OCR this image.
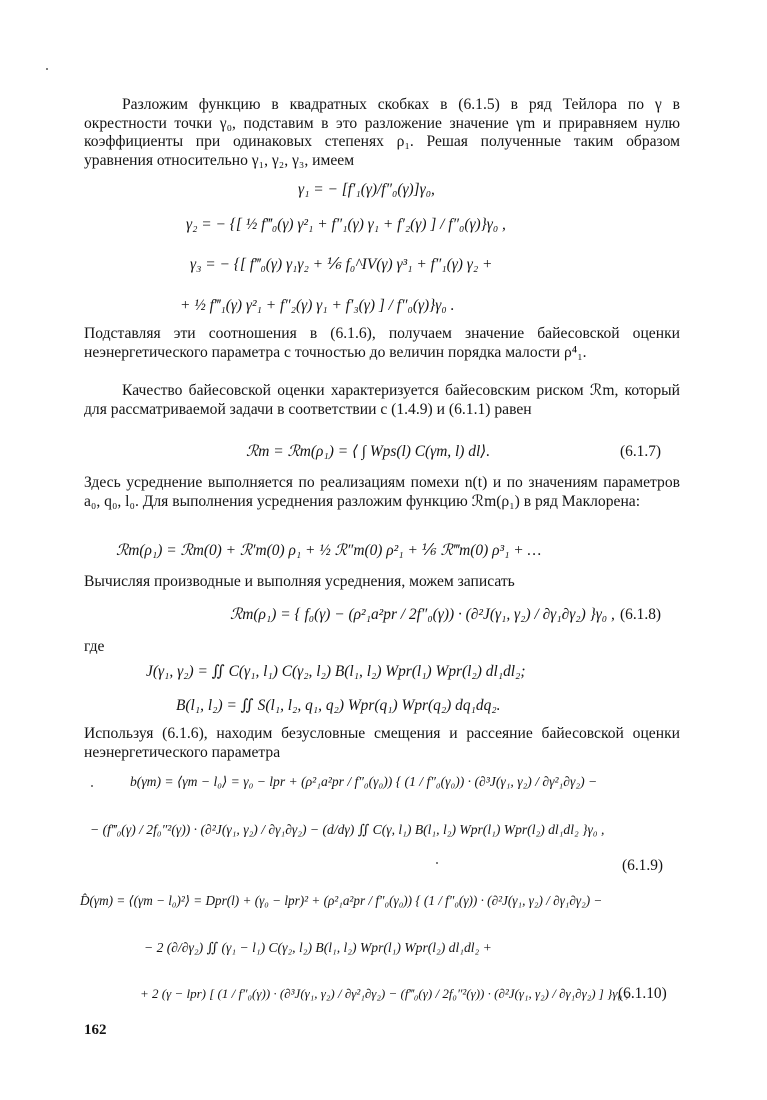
Разложим функцию в квадратных скобках в (6.1.5) в ряд Тейлора по γ в окрестности точки γ₀, подставим в это разложение значение γm и приравняем нулю коэффициенты при одинаковых степенях ρ₁. Решая полученные таким образом уравнения относительно γ₁, γ₂, γ₃, имеем

γ₁ = − [f′₁(γ)/f″₀(γ)]γ₀,
γ₂ = − {[ ½ f‴₀(γ) γ²₁ + f″₁(γ) γ₁ + f′₂(γ) ] / f″₀(γ)}γ₀ ,
γ₃ = − {[ f‴₀(γ) γ₁γ₂ + ⅙ f₀^IV(γ) γ³₁ + f″₁(γ) γ₂ +
+ ½ f‴₁(γ) γ²₁ + f″₂(γ) γ₁ + f′₃(γ) ] / f″₀(γ)}γ₀ .

Подставляя эти соотношения в (6.1.6), получаем значение байесовской оценки неэнергетического параметра с точностью до величин порядка малости ρ⁴₁.

Качество байесовской оценки характеризуется байесовским риском ℛm, который для рассматриваемой задачи в соответствии с (1.4.9) и (6.1.1) равен

ℛm = ℛm(ρ₁) = ⟨ ∫ Wps(l) C(γm, l) dl⟩.	(6.1.7)

Здесь усреднение выполняется по реализациям помехи n(t) и по значениям параметров a₀, q₀, l₀. Для выполнения усреднения разложим функцию ℛm(ρ₁) в ряд Маклорена:

ℛm(ρ₁) = ℛm(0) + ℛ′m(0) ρ₁ + ½ ℛ″m(0) ρ²₁ + ⅙ ℛ‴m(0) ρ³₁ + …

Вычисляя производные и выполняя усреднения, можем записать

ℛm(ρ₁) = { f₀(γ) − (ρ²₁a²pr / 2f″₀(γ)) · (∂²J(γ₁, γ₂) / ∂γ₁∂γ₂) }γ₀ , (6.1.8)

где

J(γ₁, γ₂) = ∬ C(γ₁, l₁) C(γ₂, l₂) B(l₁, l₂) Wpr(l₁) Wpr(l₂) dl₁dl₂;
B(l₁, l₂) = ∬ S(l₁, l₂, q₁, q₂) Wpr(q₁) Wpr(q₂) dq₁dq₂.

Используя (6.1.6), находим безусловные смещения и рассеяние байесовской оценки неэнергетического параметра

b(γm) = ⟨γm − l₀⟩ = γ₀ − lpr + (ρ²₁a²pr / f″₀(γ₀)) { (1 / f″₀(γ₀)) · (∂³J(γ₁, γ₂) / ∂γ²₁∂γ₂) −
− (f‴₀(γ) / 2f₀″²(γ)) · (∂²J(γ₁, γ₂) / ∂γ₁∂γ₂) − (d/dγ) ∬ C(γ, l₁) B(l₁, l₂) Wpr(l₁) Wpr(l₂) dl₁dl₂ }γ₀ ,
(6.1.9)
D̂(γm) = ⟨(γm − l₀)²⟩ = Dpr(l) + (γ₀ − lpr)² + (ρ²₁a²pr / f″₀(γ₀)) { (1 / f″₀(γ)) · (∂²J(γ₁, γ₂) / ∂γ₁∂γ₂) −
− 2 (∂/∂γ₂) ∬ (γ₁ − l₁) C(γ₂, l₂) B(l₁, l₂) Wpr(l₁) Wpr(l₂) dl₁dl₂ +
+ 2 (γ − lpr) [ (1 / f″₀(γ)) · (∂³J(γ₁, γ₂) / ∂γ²₁∂γ₂) − (f‴₀(γ) / 2f₀″²(γ)) · (∂²J(γ₁, γ₂) / ∂γ₁∂γ₂) ] }γ₀ ,
(6.1.10)
162
